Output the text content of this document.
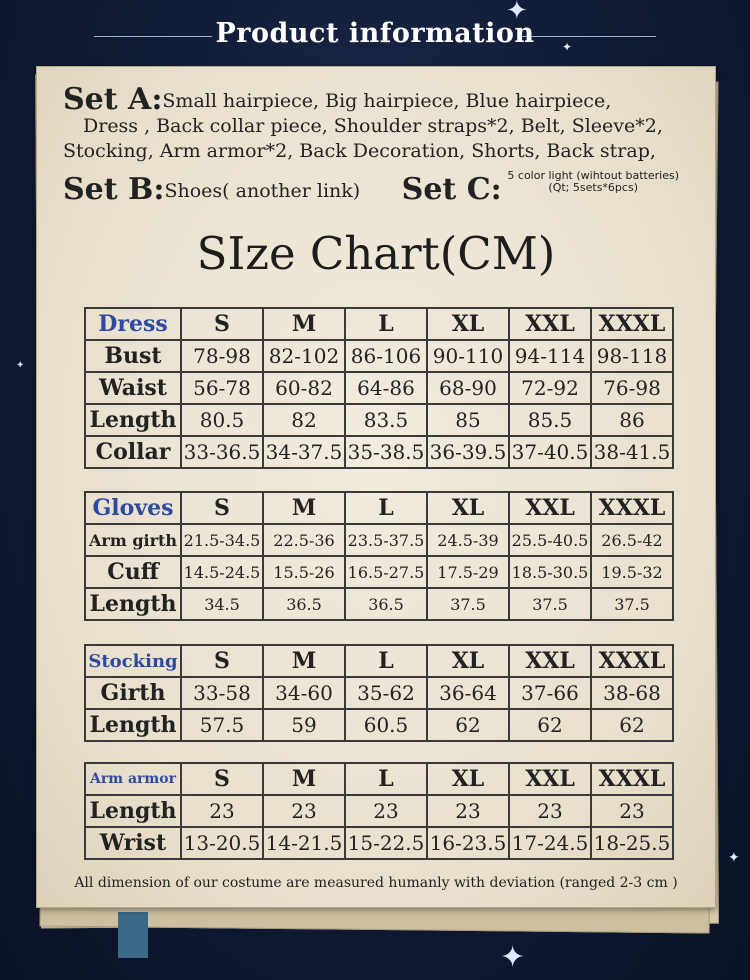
✦
✦
✦
✦
✦
Product information
Set A:Small hairpiece, Big hairpiece, Blue hairpiece,
Dress , Back collar piece, Shoulder straps*2, Belt, Sleeve*2,
Stocking, Arm armor*2, Back Decoration, Shorts, Back strap,
Set B:Shoes( another link) Set C: 5 color light (wihtout batteries)
(Qt; 5sets*6pcs)
SIze Chart(CM)
Dress	S	M	L	XL	XXL	XXXL
Bust	78-98	82-102	86-106	90-110	94-114	98-118
Waist	56-78	60-82	64-86	68-90	72-92	76-98
Length	80.5	82	83.5	85	85.5	86
Collar	33-36.5	34-37.5	35-38.5	36-39.5	37-40.5	38-41.5
Gloves	S	M	L	XL	XXL	XXXL
Arm girth	21.5-34.5	22.5-36	23.5-37.5	24.5-39	25.5-40.5	26.5-42
Cuff	14.5-24.5	15.5-26	16.5-27.5	17.5-29	18.5-30.5	19.5-32
Length	34.5	36.5	36.5	37.5	37.5	37.5
Stocking	S	M	L	XL	XXL	XXXL
Girth	33-58	34-60	35-62	36-64	37-66	38-68
Length	57.5	59	60.5	62	62	62
Arm armor	S	M	L	XL	XXL	XXXL
Length	23	23	23	23	23	23
Wrist	13-20.5	14-21.5	15-22.5	16-23.5	17-24.5	18-25.5
All dimension of our costume are measured humanly with deviation (ranged 2-3 cm )
